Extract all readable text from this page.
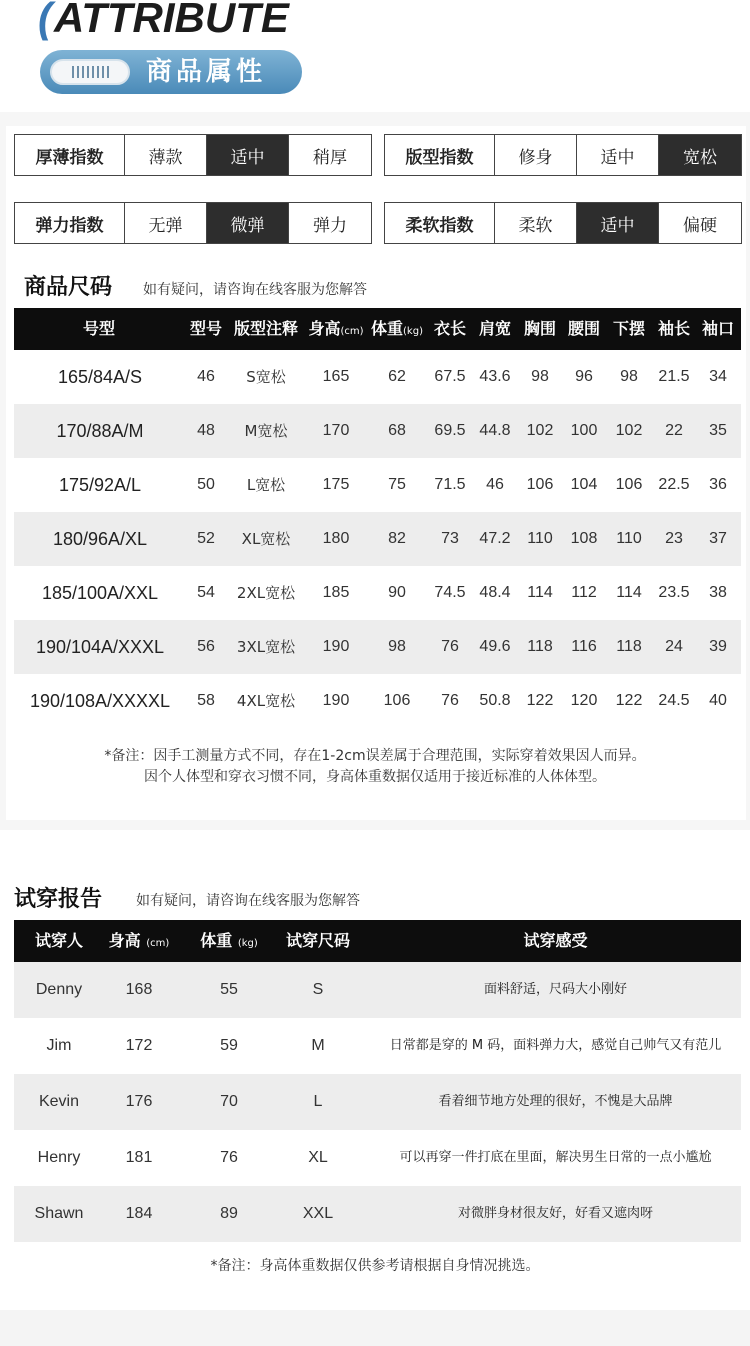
(ATTRIBUTE
商品属性
厚薄指数	薄款	适中	稍厚	版型指数	修身	适中	宽松
弹力指数	无弹	微弹	弹力	柔软指数	柔软	适中	偏硬
商品尺码 如有疑问，请咨询在线客服为您解答
号型	型号 版型注释 身高(cm) 体重(kg) 衣长 肩宽 胸围 腰围 下摆 袖长 袖口
165/84A/S	46	S宽松	165	62	67.5 43.6	98	96	98	21.5	34
170/88A/M	48	M宽松	170	68	69.5 44.8	102	100	102	22	35
175/92A/L	50	L宽松	175	75	71.5	46	106	104	106	22.5	36
180/96A/XL	52	XL宽松	180	82	73	47.2	110	108	110	23	37
185/100A/XXL	54	2XL宽松	185	90	74.5 48.4	114	112	114	23.5	38
190/104A/XXXL	56	3XL宽松	190	98	76	49.6	118	116	118	24	39
190/108A/XXXXL	58	4XL宽松	190	106	76	50.8	122	120	122	24.5	40
*备注：因手工测量方式不同，存在1-2cm误差属于合理范围，实际穿着效果因人而异。
因个人体型和穿衣习惯不同，身高体重数据仅适用于接近标准的人体体型。
试穿报告 如有疑问，请咨询在线客服为您解答
试穿人	身高 (cm)	体重 (kg)	试穿尺码	试穿感受
Denny	168	55	S	面料舒适，尺码大小刚好
Jim	172	59	M	日常都是穿的 M 码，面料弹力大，感觉自己帅气又有范儿
Kevin	176	70	L	看着细节地方处理的很好，不愧是大品牌
Henry	181	76	XL	可以再穿一件打底在里面，解决男生日常的一点小尴尬
Shawn	184	89	XXL	对微胖身材很友好，好看又遮肉呀
*备注：身高体重数据仅供参考请根据自身情况挑选。
